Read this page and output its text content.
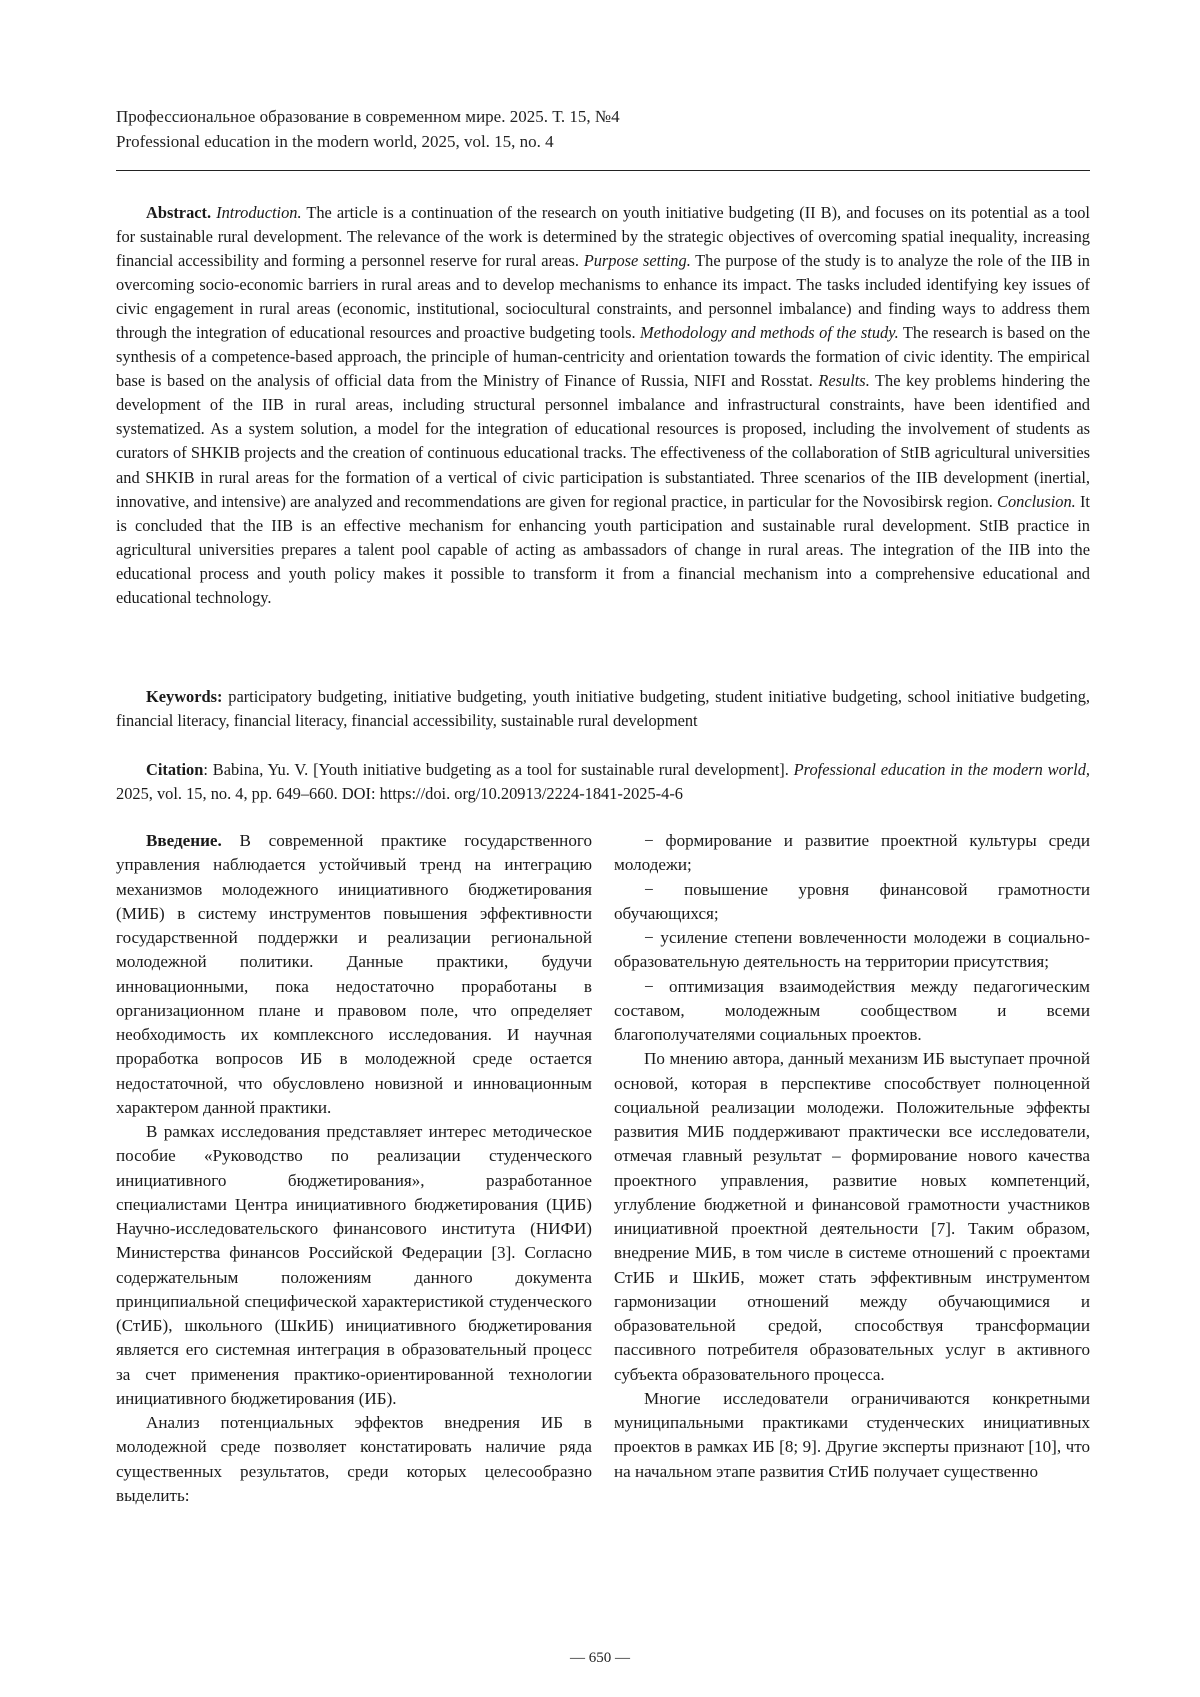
Профессиональное образование в современном мире. 2025. Т. 15, №4
Professional education in the modern world, 2025, vol. 15, no. 4

Abstract. Introduction. The article is a continuation of the research on youth initiative budgeting (II B), and focuses on its potential as a tool for sustainable rural development. The relevance of the work is determined by the strategic objectives of overcoming spatial inequality, increasing financial accessibility and forming a personnel reserve for rural areas. Purpose setting. The purpose of the study is to analyze the role of the IIB in overcoming socio-economic barriers in rural areas and to develop mechanisms to enhance its impact. The tasks included identifying key issues of civic engagement in rural areas (economic, institutional, sociocultural constraints, and personnel imbalance) and finding ways to address them through the integration of educational resources and proactive budgeting tools. Methodology and methods of the study. The research is based on the synthesis of a competence-based approach, the principle of human-centricity and orientation towards the formation of civic identity. The empirical base is based on the analysis of official data from the Ministry of Finance of Russia, NIFI and Rosstat. Results. The key problems hindering the development of the IIB in rural areas, including structural personnel imbalance and infrastructural constraints, have been identified and systematized. As a system solution, a model for the integration of educational resources is proposed, including the involvement of students as curators of SHKIB projects and the creation of continuous educational tracks. The effectiveness of the collaboration of StIB agricultural universities and SHKIB in rural areas for the formation of a vertical of civic participation is substantiated. Three scenarios of the IIB development (inertial, innovative, and intensive) are analyzed and recommendations are given for regional practice, in particular for the Novosibirsk region. Conclusion. It is concluded that the IIB is an effective mechanism for enhancing youth participation and sustainable rural development. StIB practice in agricultural universities prepares a talent pool capable of acting as ambassadors of change in rural areas. The integration of the IIB into the educational process and youth policy makes it possible to transform it from a financial mechanism into a comprehensive educational and educational technology.

Keywords: participatory budgeting, initiative budgeting, youth initiative budgeting, student initiative budgeting, school initiative budgeting, financial literacy, financial literacy, financial accessibility, sustainable rural development
Citation: Babina, Yu. V. [Youth initiative budgeting as a tool for sustainable rural development]. Professional education in the modern world, 2025, vol. 15, no. 4, pp. 649–660. DOI: https://doi. org/10.20913/2224-1841-2025-4-6

Введение. В современной практике государственного управления наблюдается устойчивый тренд на интеграцию механизмов молодежного инициативного бюджетирования (МИБ) в систему инструментов повышения эффективности государственной поддержки и реализации региональной молодежной политики. Данные практики, будучи инновационными, пока недостаточно проработаны в организационном плане и правовом поле, что определяет необходимость их комплексного исследования. И научная проработка вопросов ИБ в молодежной среде остается недостаточной, что обусловлено новизной и инновационным характером данной практики.

В рамках исследования представляет интерес методическое пособие «Руководство по реализации студенческого инициативного бюджетирования», разработанное специалистами Центра инициативного бюджетирования (ЦИБ) Научно-исследовательского финансового института (НИФИ) Министерства финансов Российской Федерации [3]. Согласно содержательным положениям данного документа принципиальной специфической характеристикой студенческого (СтИБ), школьного (ШкИБ) инициативного бюджетирования является его системная интеграция в образовательный процесс за счет применения практико-ориентированной технологии инициативного бюджетирования (ИБ).

Анализ потенциальных эффектов внедрения ИБ в молодежной среде позволяет констатировать наличие ряда существенных результатов, среди которых целесообразно выделить:

− формирование и развитие проектной культуры среди молодежи;

− повышение уровня финансовой грамотности обучающихся;

− усиление степени вовлеченности молодежи в социально-образовательную деятельность на территории присутствия;

− оптимизация взаимодействия между педагогическим составом, молодежным сообществом и всеми благополучателями социальных проектов.

По мнению автора, данный механизм ИБ выступает прочной основой, которая в перспективе способствует полноценной социальной реализации молодежи. Положительные эффекты развития МИБ поддерживают практически все исследователи, отмечая главный результат – формирование нового качества проектного управления, развитие новых компетенций, углубление бюджетной и финансовой грамотности участников инициативной проектной деятельности [7]. Таким образом, внедрение МИБ, в том числе в системе отношений с проектами СтИБ и ШкИБ, может стать эффективным инструментом гармонизации отношений между обучающимися и образовательной средой, способствуя трансформации пассивного потребителя образовательных услуг в активного субъекта образовательного процесса.

Многие исследователи ограничиваются конкретными муниципальными практиками студенческих инициативных проектов в рамках ИБ [8; 9]. Другие эксперты признают [10], что на начальном этапе развития СтИБ получает существенно

— 650 —
